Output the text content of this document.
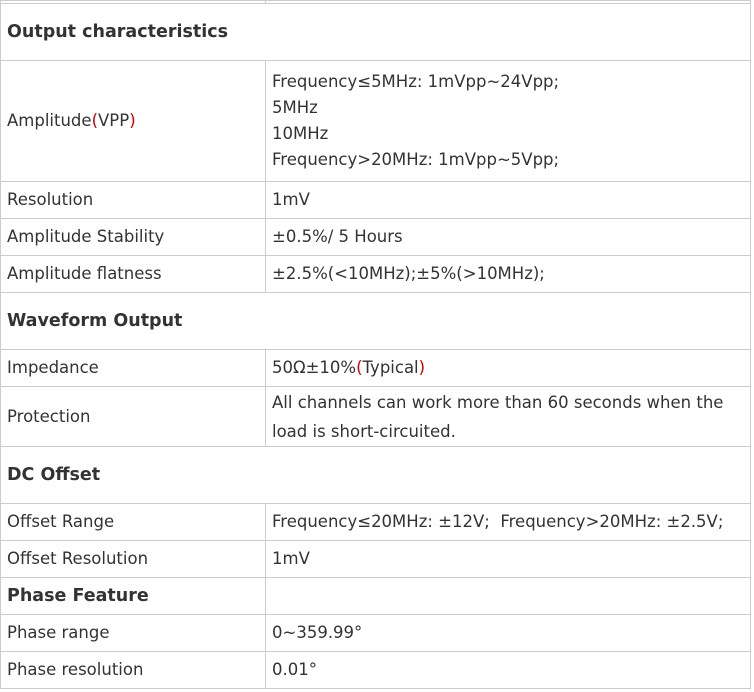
Output characteristics	
Amplitude(VPP)	Frequency≤5MHz: 1mVpp~24Vpp;
5MHz
10MHz
Frequency>20MHz: 1mVpp~5Vpp;

Resolution	1mV
Amplitude Stability	±0.5%/ 5 Hours
Amplitude flatness	±2.5%(<10MHz);±5%(>10MHz);
Waveform Output	
Impedance	50Ω±10%(Typical)
Protection	All channels can work more than 60 seconds when the load is short-circuited.
DC Offset	
Offset Range	Frequency≤20MHz: ±12V;  Frequency>20MHz: ±2.5V;
Offset Resolution	1mV
Phase Feature	
Phase range	0~359.99°
Phase resolution	0.01°
